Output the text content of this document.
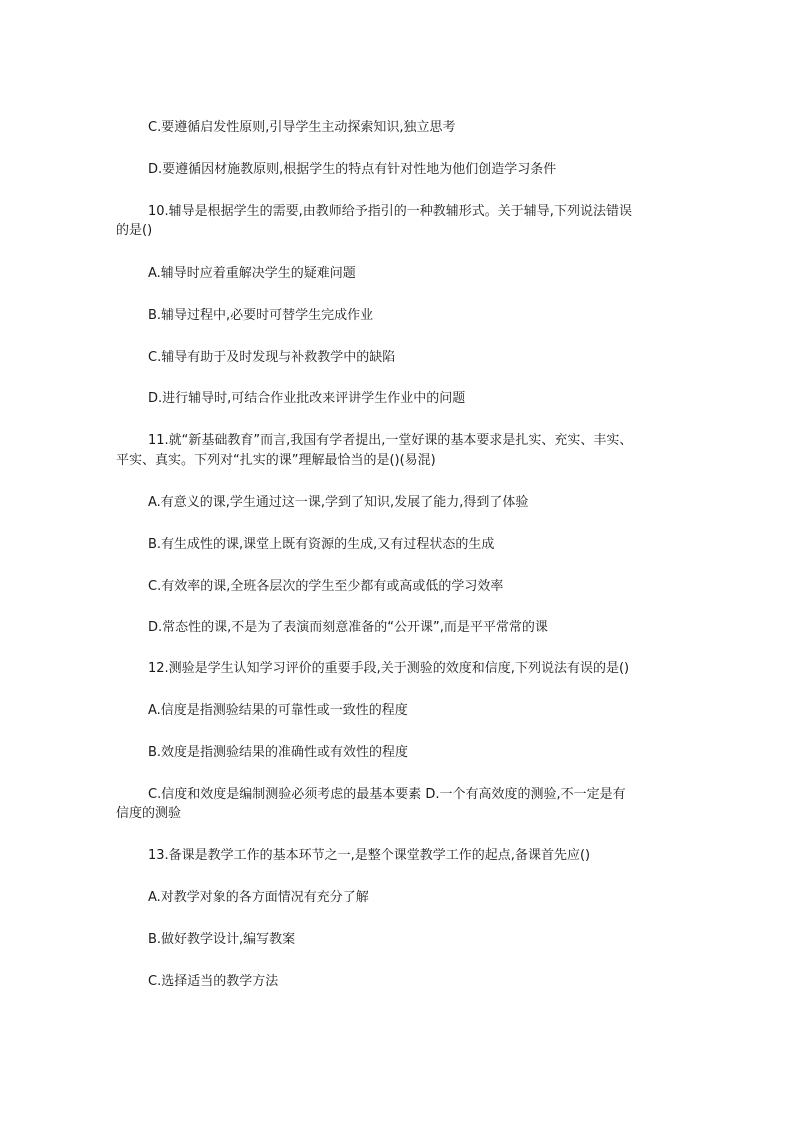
C.要遵循启发性原则,引导学生主动探索知识,独立思考
D.要遵循因材施教原则,根据学生的特点有针对性地为他们创造学习条件
10.辅导是根据学生的需要,由教师给予指引的一种教辅形式。关于辅导,下列说法错误
的是()
A.辅导时应着重解决学生的疑难问题
B.辅导过程中,必要时可替学生完成作业
C.辅导有助于及时发现与补救教学中的缺陷
D.进行辅导时,可结合作业批改来评讲学生作业中的问题
11.就“新基础教育”而言,我国有学者提出,一堂好课的基本要求是扎实、充实、丰实、
平实、真实。下列对“扎实的课”理解最恰当的是()(易混)
A.有意义的课,学生通过这一课,学到了知识,发展了能力,得到了体验
B.有生成性的课,课堂上既有资源的生成,又有过程状态的生成
C.有效率的课,全班各层次的学生至少都有或高或低的学习效率
D.常态性的课,不是为了表演而刻意准备的“公开课”,而是平平常常的课
12.测验是学生认知学习评价的重要手段,关于测验的效度和信度,下列说法有误的是()
A.信度是指测验结果的可靠性或一致性的程度
B.效度是指测验结果的准确性或有效性的程度
C.信度和效度是编制测验必须考虑的最基本要素 D.一个有高效度的测验,不一定是有
信度的测验
13.备课是教学工作的基本环节之一,是整个课堂教学工作的起点,备课首先应()
A.对教学对象的各方面情况有充分了解
B.做好教学设计,编写教案
C.选择适当的教学方法
